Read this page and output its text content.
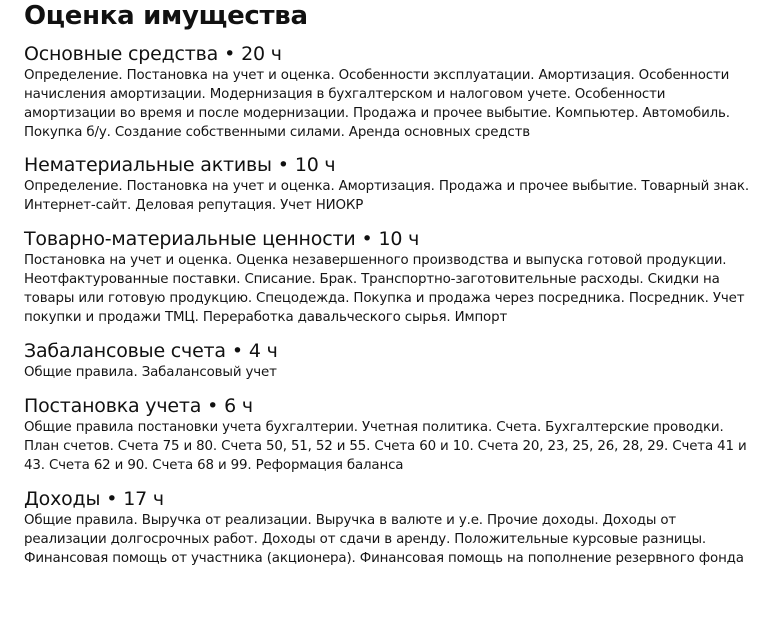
Оценка имущества
Основные средства • 20 ч

Определение. Постановка на учет и оценка. Особенности эксплуатации. Амортизация. Особенности начисления амортизации. Модернизация в бухгалтерском и налоговом учете. Особенности амортизации во время и после модернизации. Продажа и прочее выбытие. Компьютер. Автомобиль. Покупка б/у. Создание собственными силами. Аренда основных средств

Нематериальные активы • 10 ч

Определение. Постановка на учет и оценка. Амортизация. Продажа и прочее выбытие. Товарный знак. Интернет-сайт. Деловая репутация. Учет НИОКР

Товарно-материальные ценности • 10 ч

Постановка на учет и оценка. Оценка незавершенного производства и выпуска готовой продукции. Неотфактурованные поставки. Списание. Брак. Транспортно-заготовительные расходы. Скидки на товары или готовую продукцию. Спецодежда. Покупка и продажа через посредника. Посредник. Учет покупки и продажи ТМЦ. Переработка давальческого сырья. Импорт

Забалансовые счета • 4 ч

Общие правила. Забалансовый учет

Постановка учета • 6 ч

Общие правила постановки учета бухгалтерии. Учетная политика. Счета. Бухгалтерские проводки. План счетов. Счета 75 и 80. Счета 50, 51, 52 и 55. Счета 60 и 10. Счета 20, 23, 25, 26, 28, 29. Счета 41 и 43. Счета 62 и 90. Счета 68 и 99. Реформация баланса

Доходы • 17 ч

Общие правила. Выручка от реализации. Выручка в валюте и у.е. Прочие доходы. Доходы от реализации долгосрочных работ. Доходы от сдачи в аренду. Положительные курсовые разницы. Финансовая помощь от участника (акционера). Финансовая помощь на пополнение резервного фонда
